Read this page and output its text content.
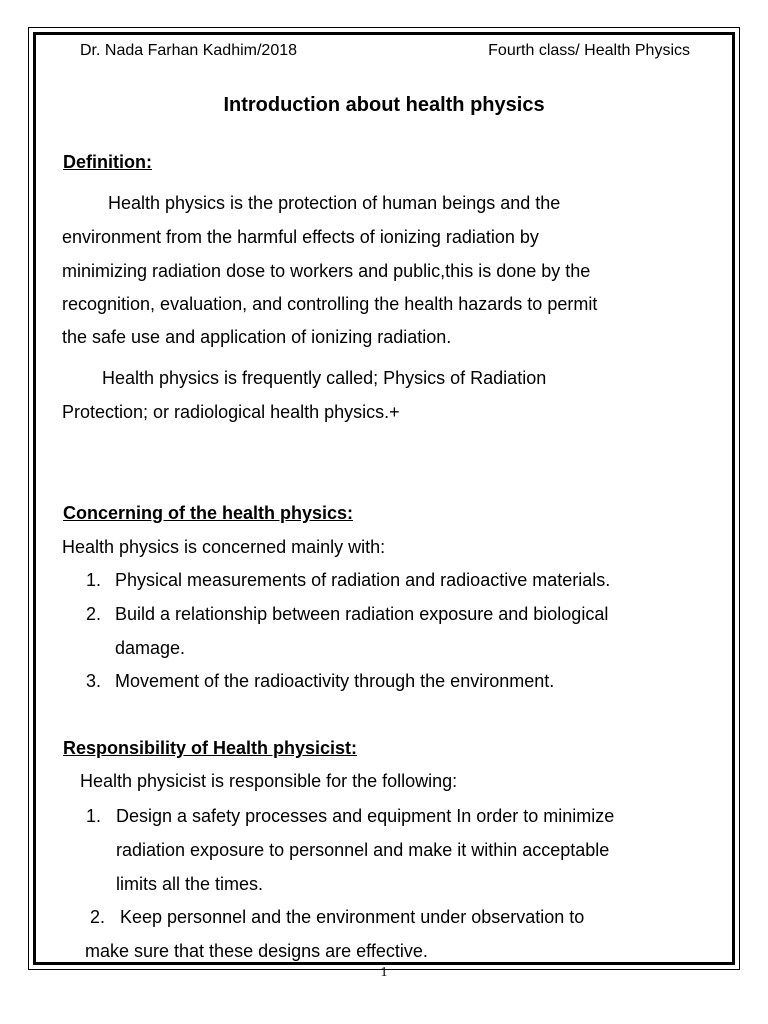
Dr. Nada Farhan Kadhim/2018	Fourth class/ Health Physics
Introduction about health physics
Definition:
Health physics is the protection of human beings and the
environment from the harmful effects of ionizing radiation by
minimizing radiation dose to workers and public,this is done by the
recognition, evaluation, and controlling the health hazards to permit
the safe use and application of ionizing radiation.
Health physics is frequently called; Physics of Radiation
Protection; or radiological health physics.+
Concerning of the health physics:
Health physics is concerned mainly with:
1. Physical measurements of radiation and radioactive materials.
2. Build a relationship between radiation exposure and biological
damage.
3. Movement of the radioactivity through the environment.
Responsibility of Health physicist:
Health physicist is responsible for the following:
1. Design a safety processes and equipment In order to minimize
radiation exposure to personnel and make it within acceptable
limits all the times.
2. Keep personnel and the environment under observation to
make sure that these designs are effective.
1
